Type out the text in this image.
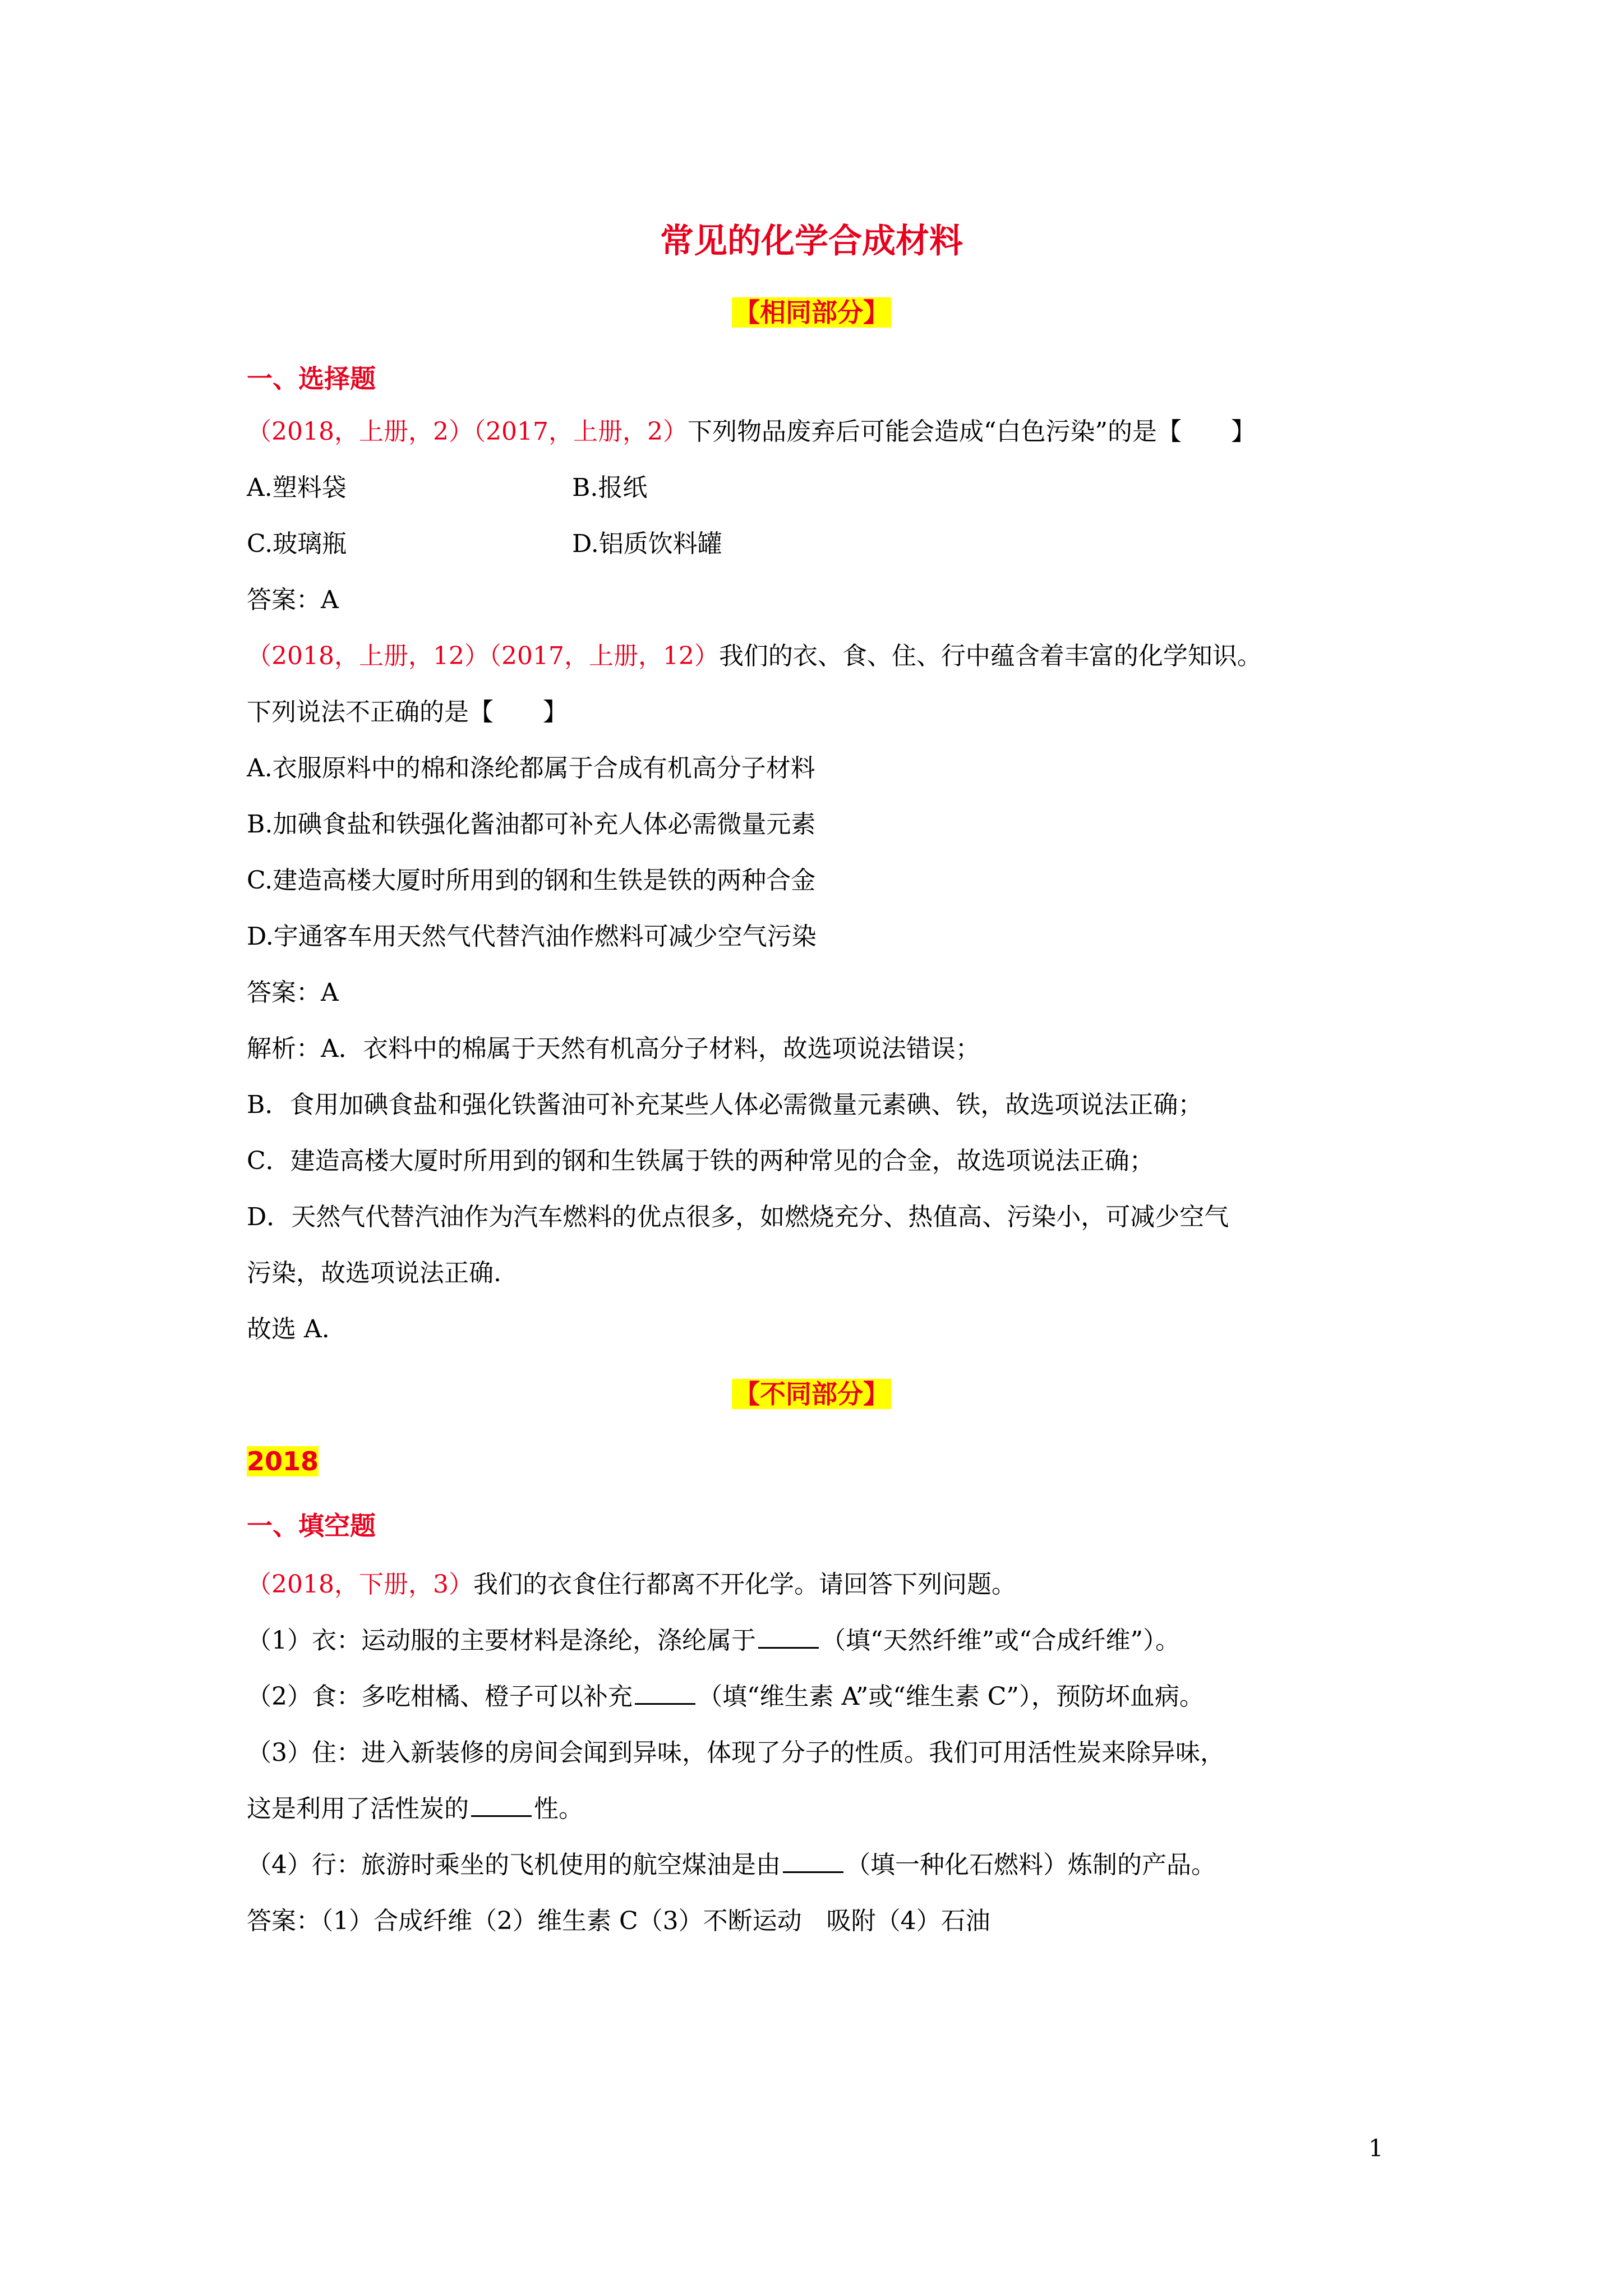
常见的化学合成材料
【相同部分】
一、选择题
（2018，上册，2）（2017，上册，2）下列物品废弃后可能会造成“白色污染”的是【　　】
A.塑料袋	B.报纸
C.玻璃瓶	D.铝质饮料罐
答案：A
（2018，上册，12）（2017，上册，12）我们的衣、食、住、行中蕴含着丰富的化学知识。
下列说法不正确的是【　　】
A.衣服原料中的棉和涤纶都属于合成有机高分子材料
B.加碘食盐和铁强化酱油都可补充人体必需微量元素
C.建造高楼大厦时所用到的钢和生铁是铁的两种合金
D.宇通客车用天然气代替汽油作燃料可减少空气污染
答案：A
解析：A．衣料中的棉属于天然有机高分子材料，故选项说法错误；
B．食用加碘食盐和强化铁酱油可补充某些人体必需微量元素碘、铁，故选项说法正确；
C．建造高楼大厦时所用到的钢和生铁属于铁的两种常见的合金，故选项说法正确；
D．天然气代替汽油作为汽车燃料的优点很多，如燃烧充分、热值高、污染小，可减少空气
污染，故选项说法正确.
故选 A.
【不同部分】
2018
一、填空题
（2018，下册，3）我们的衣食住行都离不开化学。请回答下列问题。
（1）衣：运动服的主要材料是涤纶，涤纶属于	（填“天然纤维”或“合成纤维”）。
（2）食：多吃柑橘、橙子可以补充	（填“维生素 A”或“维生素 C”），预防坏血病。
（3）住：进入新装修的房间会闻到异味，体现了分子的性质。我们可用活性炭来除异味，
这是利用了活性炭的	性。
（4）行：旅游时乘坐的飞机使用的航空煤油是由	（填一种化石燃料）炼制的产品。
答案：（1）合成纤维（2）维生素 C（3）不断运动　吸附（4）石油
1
